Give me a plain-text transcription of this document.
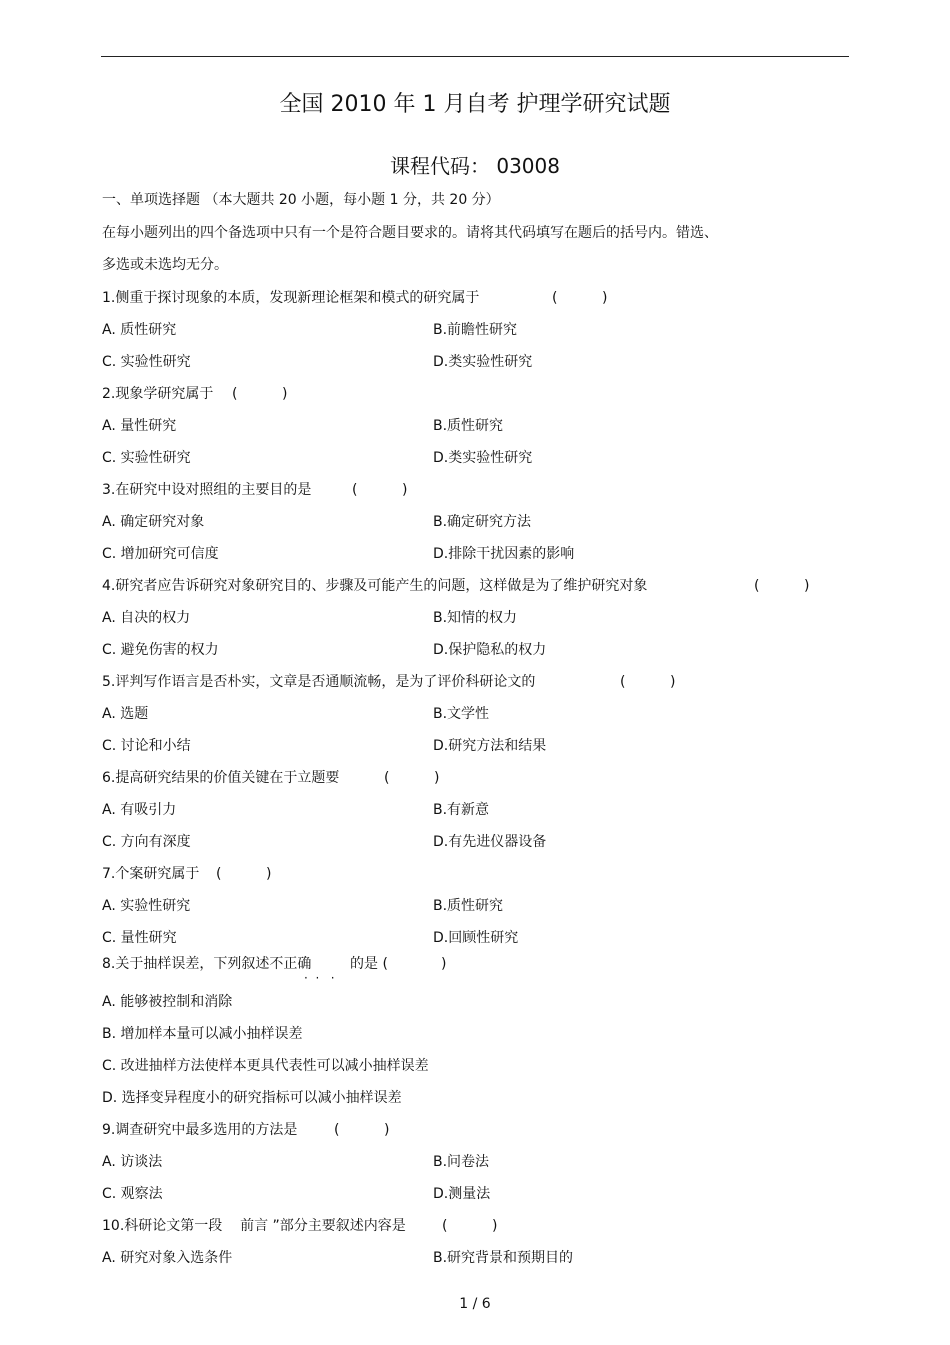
全国 2010 年 1 月自考 护理学研究试题
课程代码： 03008
一、单项选择题 （本大题共 20 小题，每小题 1 分，共 20 分）
在每小题列出的四个备选项中只有一个是符合题目要求的。请将其代码填写在题后的括号内。错选、
多选或未选均无分。
1.侧重于探讨现象的本质，发现新理论框架和模式的研究属于	(          )
A. 质性研究	B.前瞻性研究
C. 实验性研究	D.类实验性研究
2.现象学研究属于 (          )
A. 量性研究	B.质性研究
C. 实验性研究	D.类实验性研究
3.在研究中设对照组的主要目的是	(          )
A. 确定研究对象	B.确定研究方法
C. 增加研究可信度	D.排除干扰因素的影响
4.研究者应告诉研究对象研究目的、步骤及可能产生的问题，这样做是为了维护研究对象	(          )
A. 自决的权力	B.知情的权力
C. 避免伤害的权力	D.保护隐私的权力
5.评判写作语言是否朴实，文章是否通顺流畅，是为了评价科研论文的	(          )
A. 选题	B.文学性
C. 讨论和小结	D.研究方法和结果
6.提高研究结果的价值关键在于立题要	(          )
A. 有吸引力	B.有新意
C. 方向有深度	D.有先进仪器设备
7.个案研究属于 (          )
A. 实验性研究	B.质性研究
C. 量性研究	D.回顾性研究
8.关于抽样误差，下列叙述不正确
·  ·   ·
的是 (	)
A. 能够被控制和消除
B. 增加样本量可以减小抽样误差
C. 改进抽样方法使样本更具代表性可以减小抽样误差
D. 选择变异程度小的研究指标可以减小抽样误差
9.调查研究中最多选用的方法是	(          )
A. 访谈法	B.问卷法
C. 观察法	D.测量法
10.科研论文第一段    前言 ”部分主要叙述内容是	(          )
A. 研究对象入选条件	B.研究背景和预期目的
1 / 6
